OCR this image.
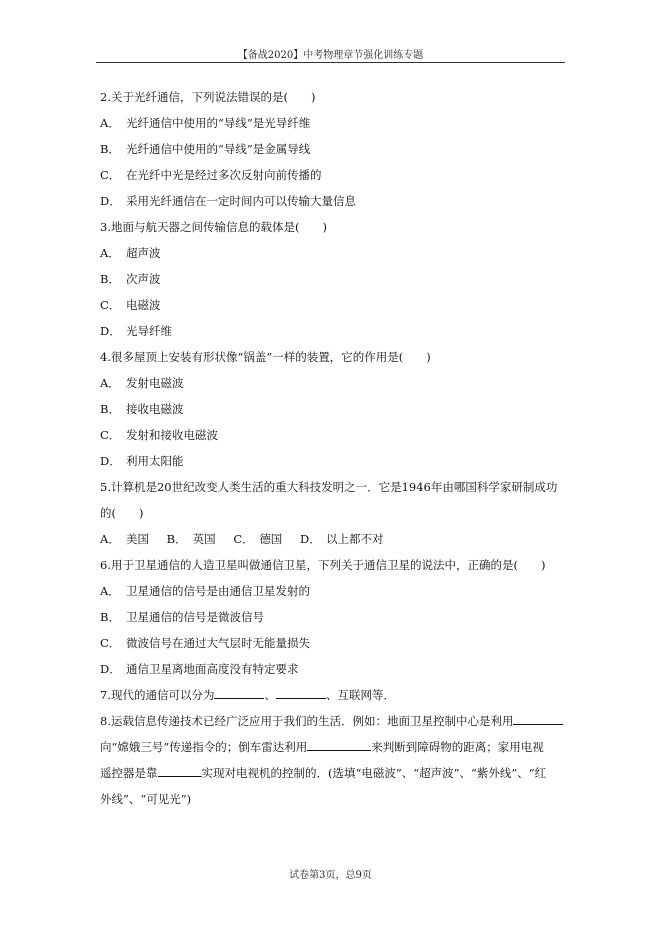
【备战2020】中考物理章节强化训练专题
2.关于光纤通信，下列说法错误的是(　　)
A． 光纤通信中使用的“导线”是光导纤维
B． 光纤通信中使用的“导线”是金属导线
C． 在光纤中光是经过多次反射向前传播的
D． 采用光纤通信在一定时间内可以传输大量信息
3.地面与航天器之间传输信息的载体是(　　)
A． 超声波
B． 次声波
C． 电磁波
D． 光导纤维
4.很多屋顶上安装有形状像“锅盖”一样的装置，它的作用是(　　)
A． 发射电磁波
B． 接收电磁波
C． 发射和接收电磁波
D． 利用太阳能
5.计算机是20世纪改变人类生活的重大科技发明之一．它是1946年由哪国科学家研制成功
的(　　)
A． 美国 B． 英国 C． 德国 D． 以上都不对
6.用于卫星通信的人造卫星叫做通信卫星，下列关于通信卫星的说法中，正确的是(　　)
A． 卫星通信的信号是由通信卫星发射的
B． 卫星通信的信号是微波信号
C． 微波信号在通过大气层时无能量损失
D． 通信卫星离地面高度没有特定要求
7.现代的通信可以分为	、	、互联网等．
8.运载信息传递技术已经广泛应用于我们的生活．例如：地面卫星控制中心是利用
向“嫦娥三号”传递指令的；倒车雷达利用	来判断到障碍物的距离；家用电视
遥控器是靠	实现对电视机的控制的．(选填“电磁波”、“超声波”、“紫外线”、“红
外线”、“可见光”)
试卷第3页，总9页
